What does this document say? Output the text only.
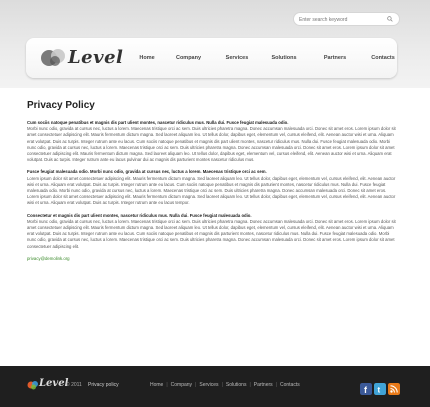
Enter search keyword
Level	Home	Company	Services	Solutions	Partners	Contacts
Privacy Policy

Cum sociis natoque penatibus et magnis dis part ulient montes, nascetur ridiculus mus. Nulla dui. Fusce feugiat malesuada odio.
Morbi nunc odio, gravida at cursus nec, luctus a lorem. Maecenas tristique orci ac sem. Duis ultricies pharetra magna. Donec accumsan malesuada orci. Donec sit amet eros. Lorem ipsum dolor sit amet consectetuer adipiscing elit. Mauris fermentum dictum magna. Sed laoreet aliquam leo. Ut tellus dolor, dapibus eget, elementum vel, cursus eleifend, elit. Aenean auctor wisi et urna. Aliquam erat volutpat. Duis ac turpis. Integer rutrum ante eu lacus. Cum sociis natoque penatibus et magnis dis part ulient montes, nascetur ridiculus mus. Nulla dui. Fusce feugiat malesuada odio. Morbi nunc odio, gravida at cursus nec, luctus a lorem. Maecenas tristique orci ac sem. Duis ultricies pharetra magna. Donec accumsan malesuada orci. Donec sit amet eros. Lorem ipsum dolor sit amet consectetuer adipiscing elit. Mauris fermentum dictum magna. Sed laoreet aliquam leo. Ut tellus dolor, dapibus eget, elementum vel, cursus eleifend, elit. Aenean auctor wisi et urna. Aliquam erat volutpat. Duis ac turpis. Integer rutrum ante eu lacus pulvinar dui ac magnis dis parturient montes nascetur ridiculus mus.

Fusce feugiat malesuada odio. Morbi nunc odio, gravida at cursus nec, luctus a lorem. Maecenas tristique orci ac sem.
Lorem ipsum dolor sit amet consectetuer adipiscing elit. Mauris fermentum dictum magna. Sed laoreet aliquam leo. Ut tellus dolor, dapibus eget, elementum vel, cursus eleifend, elit. Aenean auctor wisi et urna. Aliquam erat volutpat. Duis ac turpis. Integer rutrum ante eu lacus. Cum sociis natoque penatibus et magnis dis parturient montes, nascetur ridiculus mus. Nulla dui. Fusce feugiat malesuada odio. Morbi nunc odio, gravida at cursus nec, luctus a lorem. Maecenas tristique orci ac sem. Duis ultricies pharetra magna. Donec accumsan malesuada orci. Donec sit amet eros. Lorem ipsum dolor sit amet consectetuer adipiscing elit. Mauris fermentum dictum magna. Sed laoreet aliquam leo. Ut tellus dolor, dapibus eget, elementum vel, cursus eleifend, elit. Aenean auctor wisi et urna. Aliquam erat volutpat. Duis ac turpis. Integer rutrum ante eu lacus tempor.

Consectetur et magnis dis part ulient montes, nascetur ridiculus mus. Nulla dui. Fusce feugiat malesuada odio.
Morbi nunc odio, gravida at cursus nec, luctus a lorem. Maecenas tristique orci ac sem. Duis ultricies pharetra magna. Donec accumsan malesuada orci. Donec sit amet eros. Lorem ipsum dolor sit amet consectetuer adipiscing elit. Mauris fermentum dictum magna. Sed laoreet aliquam leo. Ut tellus dolor, dapibus eget, elementum vel, cursus eleifend, elit. Aenean auctor wisi et urna. Aliquam erat volutpat. Duis ac turpis. Integer rutrum ante eu lacus. Cum sociis natoque penatibus et magnis dis parturient montes, nascetur ridiculus mus. Nulla dui. Fusce feugiat malesuada odio. Morbi nunc odio, gravida at cursus nec, luctus a lorem. Maecenas tristique orci ac sem. Duis ultricies pharetra magna. Donec accumsan malesuada orci. Donec sit amet eros. Lorem ipsum dolor sit amet consectetuer adipiscing elit.

privacy@demolink.org
Level
© 2011 Privacy policy	Home | Company | Services | Solutions | Partners | Contacts	f t
